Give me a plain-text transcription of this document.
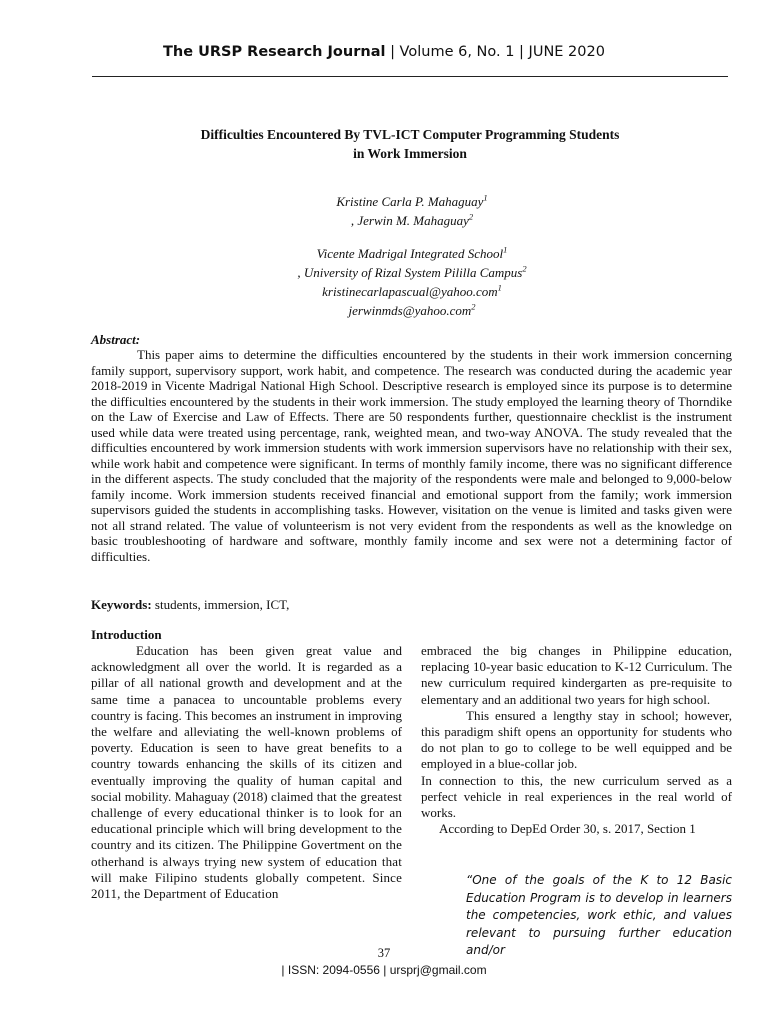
The URSP Research Journal | Volume 6, No. 1 | JUNE 2020
Difficulties Encountered By TVL-ICT Computer Programming Students
in Work Immersion
Kristine Carla P. Mahaguay$^1$
, Jerwin M. Mahaguay$^2$
Vicente Madrigal Integrated School$^1$
, University of Rizal System Pililla Campus$^2$
kristinecarlapascual@yahoo.com$^1$
jerwinmds@yahoo.com$^2$
Abstract:

This paper aims to determine the difficulties encountered by the students in their work immersion concerning family support, supervisory support, work habit, and competence. The research was conducted during the academic year 2018-2019 in Vicente Madrigal National High School. Descriptive research is employed since its purpose is to determine the difficulties encountered by the students in their work immersion. The study employed the learning theory of Thorndike on the Law of Exercise and Law of Effects. There are 50 respondents further, questionnaire checklist is the instrument used while data were treated using percentage, rank, weighted mean, and two-way ANOVA. The study revealed that the difficulties encountered by work immersion students with work immersion supervisors have no relationship with their sex, while work habit and competence were significant. In terms of monthly family income, there was no significant difference in the different aspects. The study concluded that the majority of the respondents were male and belonged to 9,000-below family income. Work immersion students received financial and emotional support from the family; work immersion supervisors guided the students in accomplishing tasks. However, visitation on the venue is limited and tasks given were not all strand related. The value of volunteerism is not very evident from the respondents as well as the knowledge on basic troubleshooting of hardware and software, monthly family income and sex were not a determining factor of difficulties.

Keywords: students, immersion, ICT,
Introduction

Education has been given great value and acknowledgment all over the world. It is regarded as a pillar of all national growth and development and at the same time a panacea to uncountable problems every country is facing. This becomes an instrument in improving the welfare and alleviating the well-known problems of poverty. Education is seen to have great benefits to a country towards enhancing the skills of its citizen and eventually improving the quality of human capital and social mobility. Mahaguay (2018) claimed that the greatest challenge of every educational thinker is to look for an educational principle which will bring development to the country and its citizen. The Philippine Govertment on the otherhand is always trying new system of education that will make Filipino students globally competent. Since 2011, the Department of Education

embraced the big changes in Philippine education, replacing 10-year basic education to K-12 Curriculum. The new curriculum required kindergarten as pre-requisite to elementary and an additional two years for high school.

This ensured a lengthy stay in school; however, this paradigm shift opens an opportunity for students who do not plan to go to college to be well equipped and be employed in a blue-collar job.

In connection to this, the new curriculum served as a perfect vehicle in real experiences in the real world of works.

According to DepEd Order 30, s. 2017, Section 1

“One of the goals of the K to 12 Basic Education Program is to develop in learners the competencies, work ethic, and values relevant to pursuing further education and/or
37
| ISSN: 2094-0556 | ursprj@gmail.com
